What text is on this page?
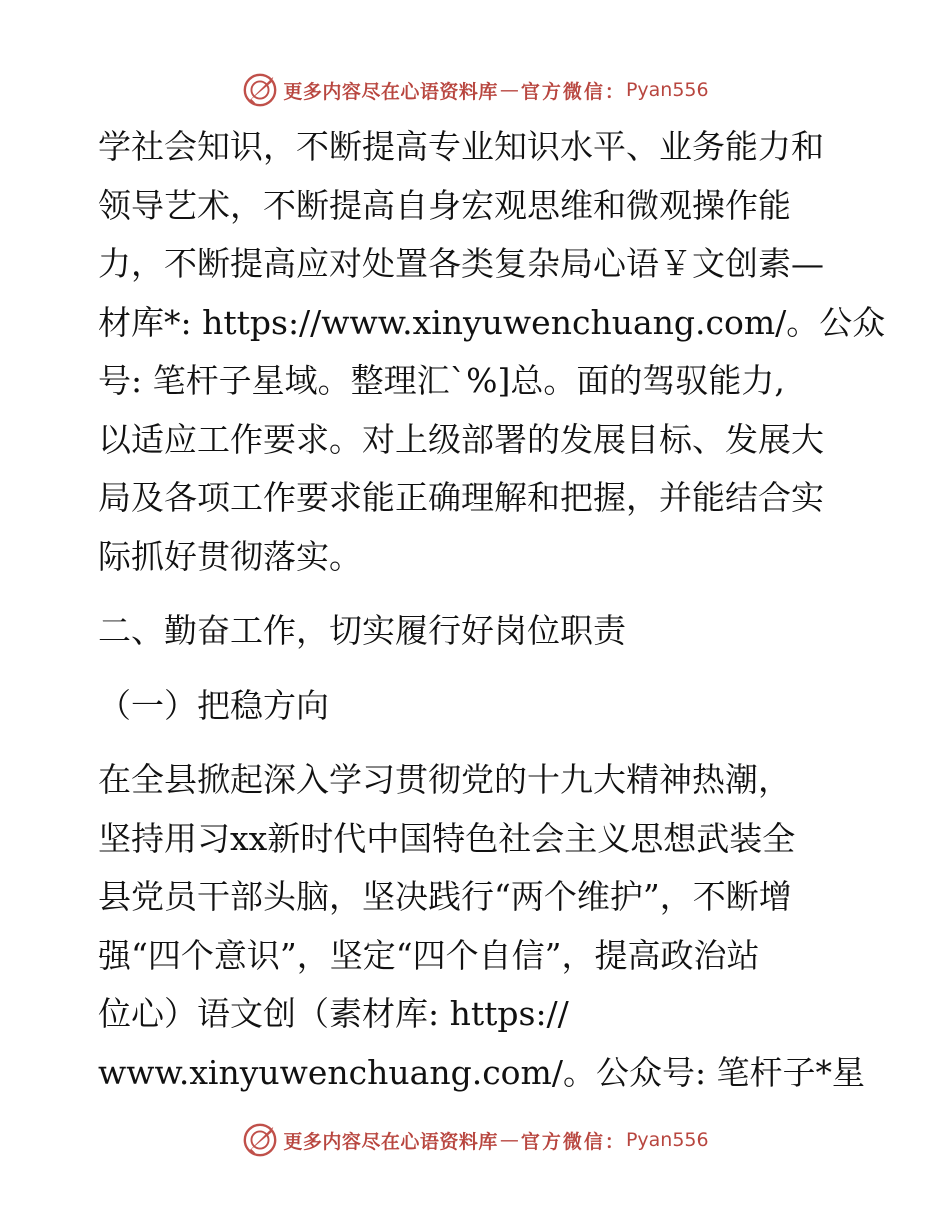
更多内容尽在心语资料库 — 官方微信： Pyan556
学社会知识，不断提高专业知识水平、业务能力和
领导艺术，不断提高自身宏观思维和微观操作能
力，不断提高应对处置各类复杂局心语￥文创素—
材库*: https://www.xinyuwenchuang.com/。公众
号: 笔杆子星域。整理汇`%]总。面的驾驭能力,
以适应工作要求。对上级部署的发展目标、发展大
局及各项工作要求能正确理解和把握，并能结合实
际抓好贯彻落实。
二、勤奋工作，切实履行好岗位职责
（一）把稳方向
在全县掀起深入学习贯彻党的十九大精神热潮，
坚持用习xx新时代中国特色社会主义思想武装全
县党员干部头脑，坚决践行“两个维护”，不断增
强“四个意识”，坚定“四个自信”，提高政治站
位心）语文创（素材库: https://
www.xinyuwenchuang.com/。公众号: 笔杆子*星
更多内容尽在心语资料库 — 官方微信： Pyan556
